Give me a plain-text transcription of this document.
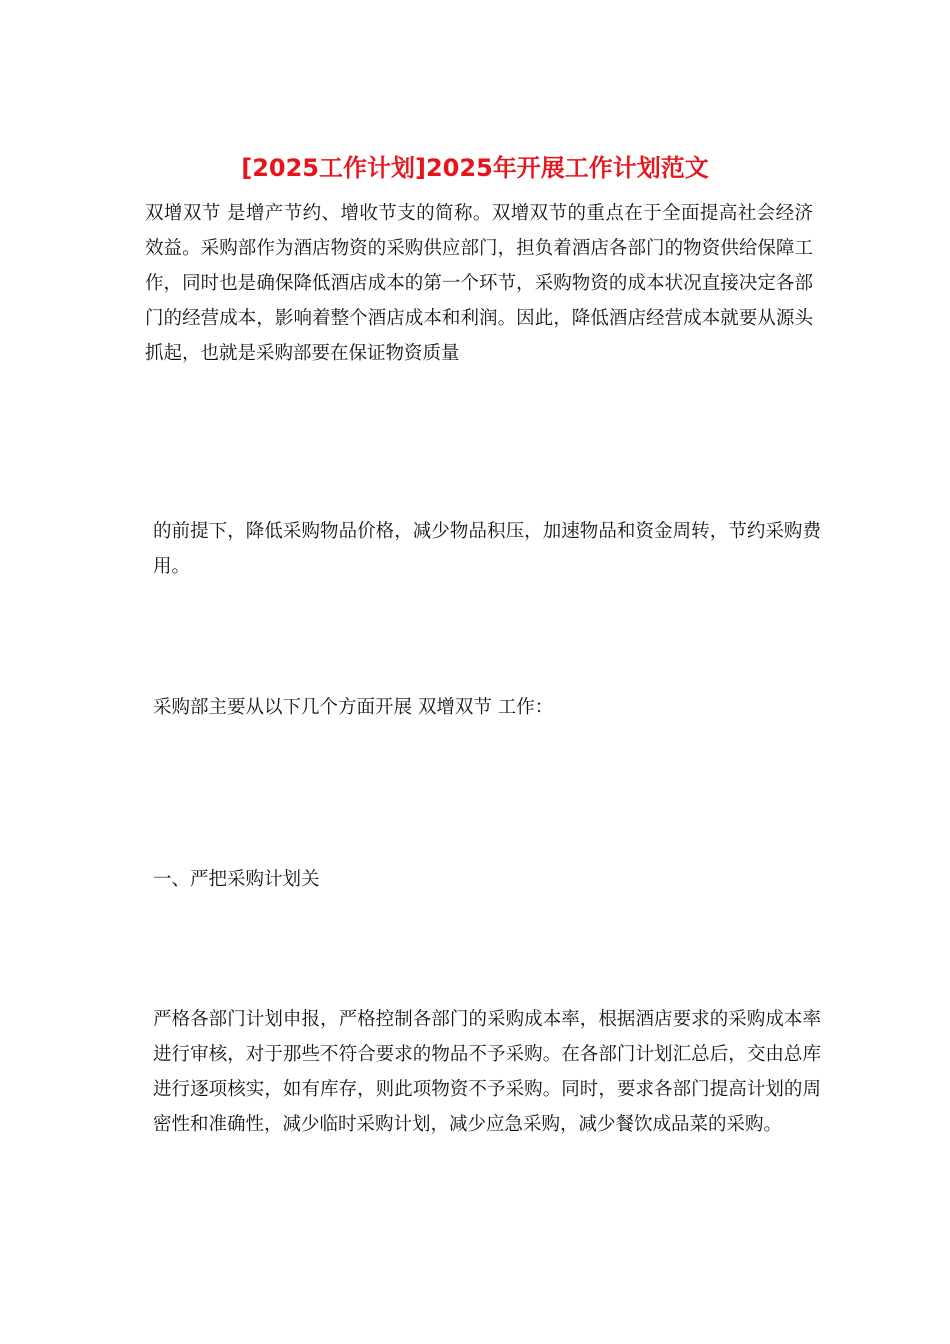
[2025工作计划]2025年开展工作计划范文

双增双节 是增产节约、增收节支的简称。双增双节的重点在于全面提高社会经济效益。采购部作为酒店物资的采购供应部门，担负着酒店各部门的物资供给保障工作，同时也是确保降低酒店成本的第一个环节，采购物资的成本状况直接决定各部门的经营成本，影响着整个酒店成本和利润。因此，降低酒店经营成本就要从源头抓起，也就是采购部要在保证物资质量

的前提下，降低采购物品价格，减少物品积压，加速物品和资金周转，节约采购费用。

采购部主要从以下几个方面开展 双增双节 工作：

一、严把采购计划关

严格各部门计划申报，严格控制各部门的采购成本率，根据酒店要求的采购成本率进行审核，对于那些不符合要求的物品不予采购。在各部门计划汇总后，交由总库进行逐项核实，如有库存，则此项物资不予采购。同时，要求各部门提高计划的周密性和准确性，减少临时采购计划，减少应急采购，减少餐饮成品菜的采购。
